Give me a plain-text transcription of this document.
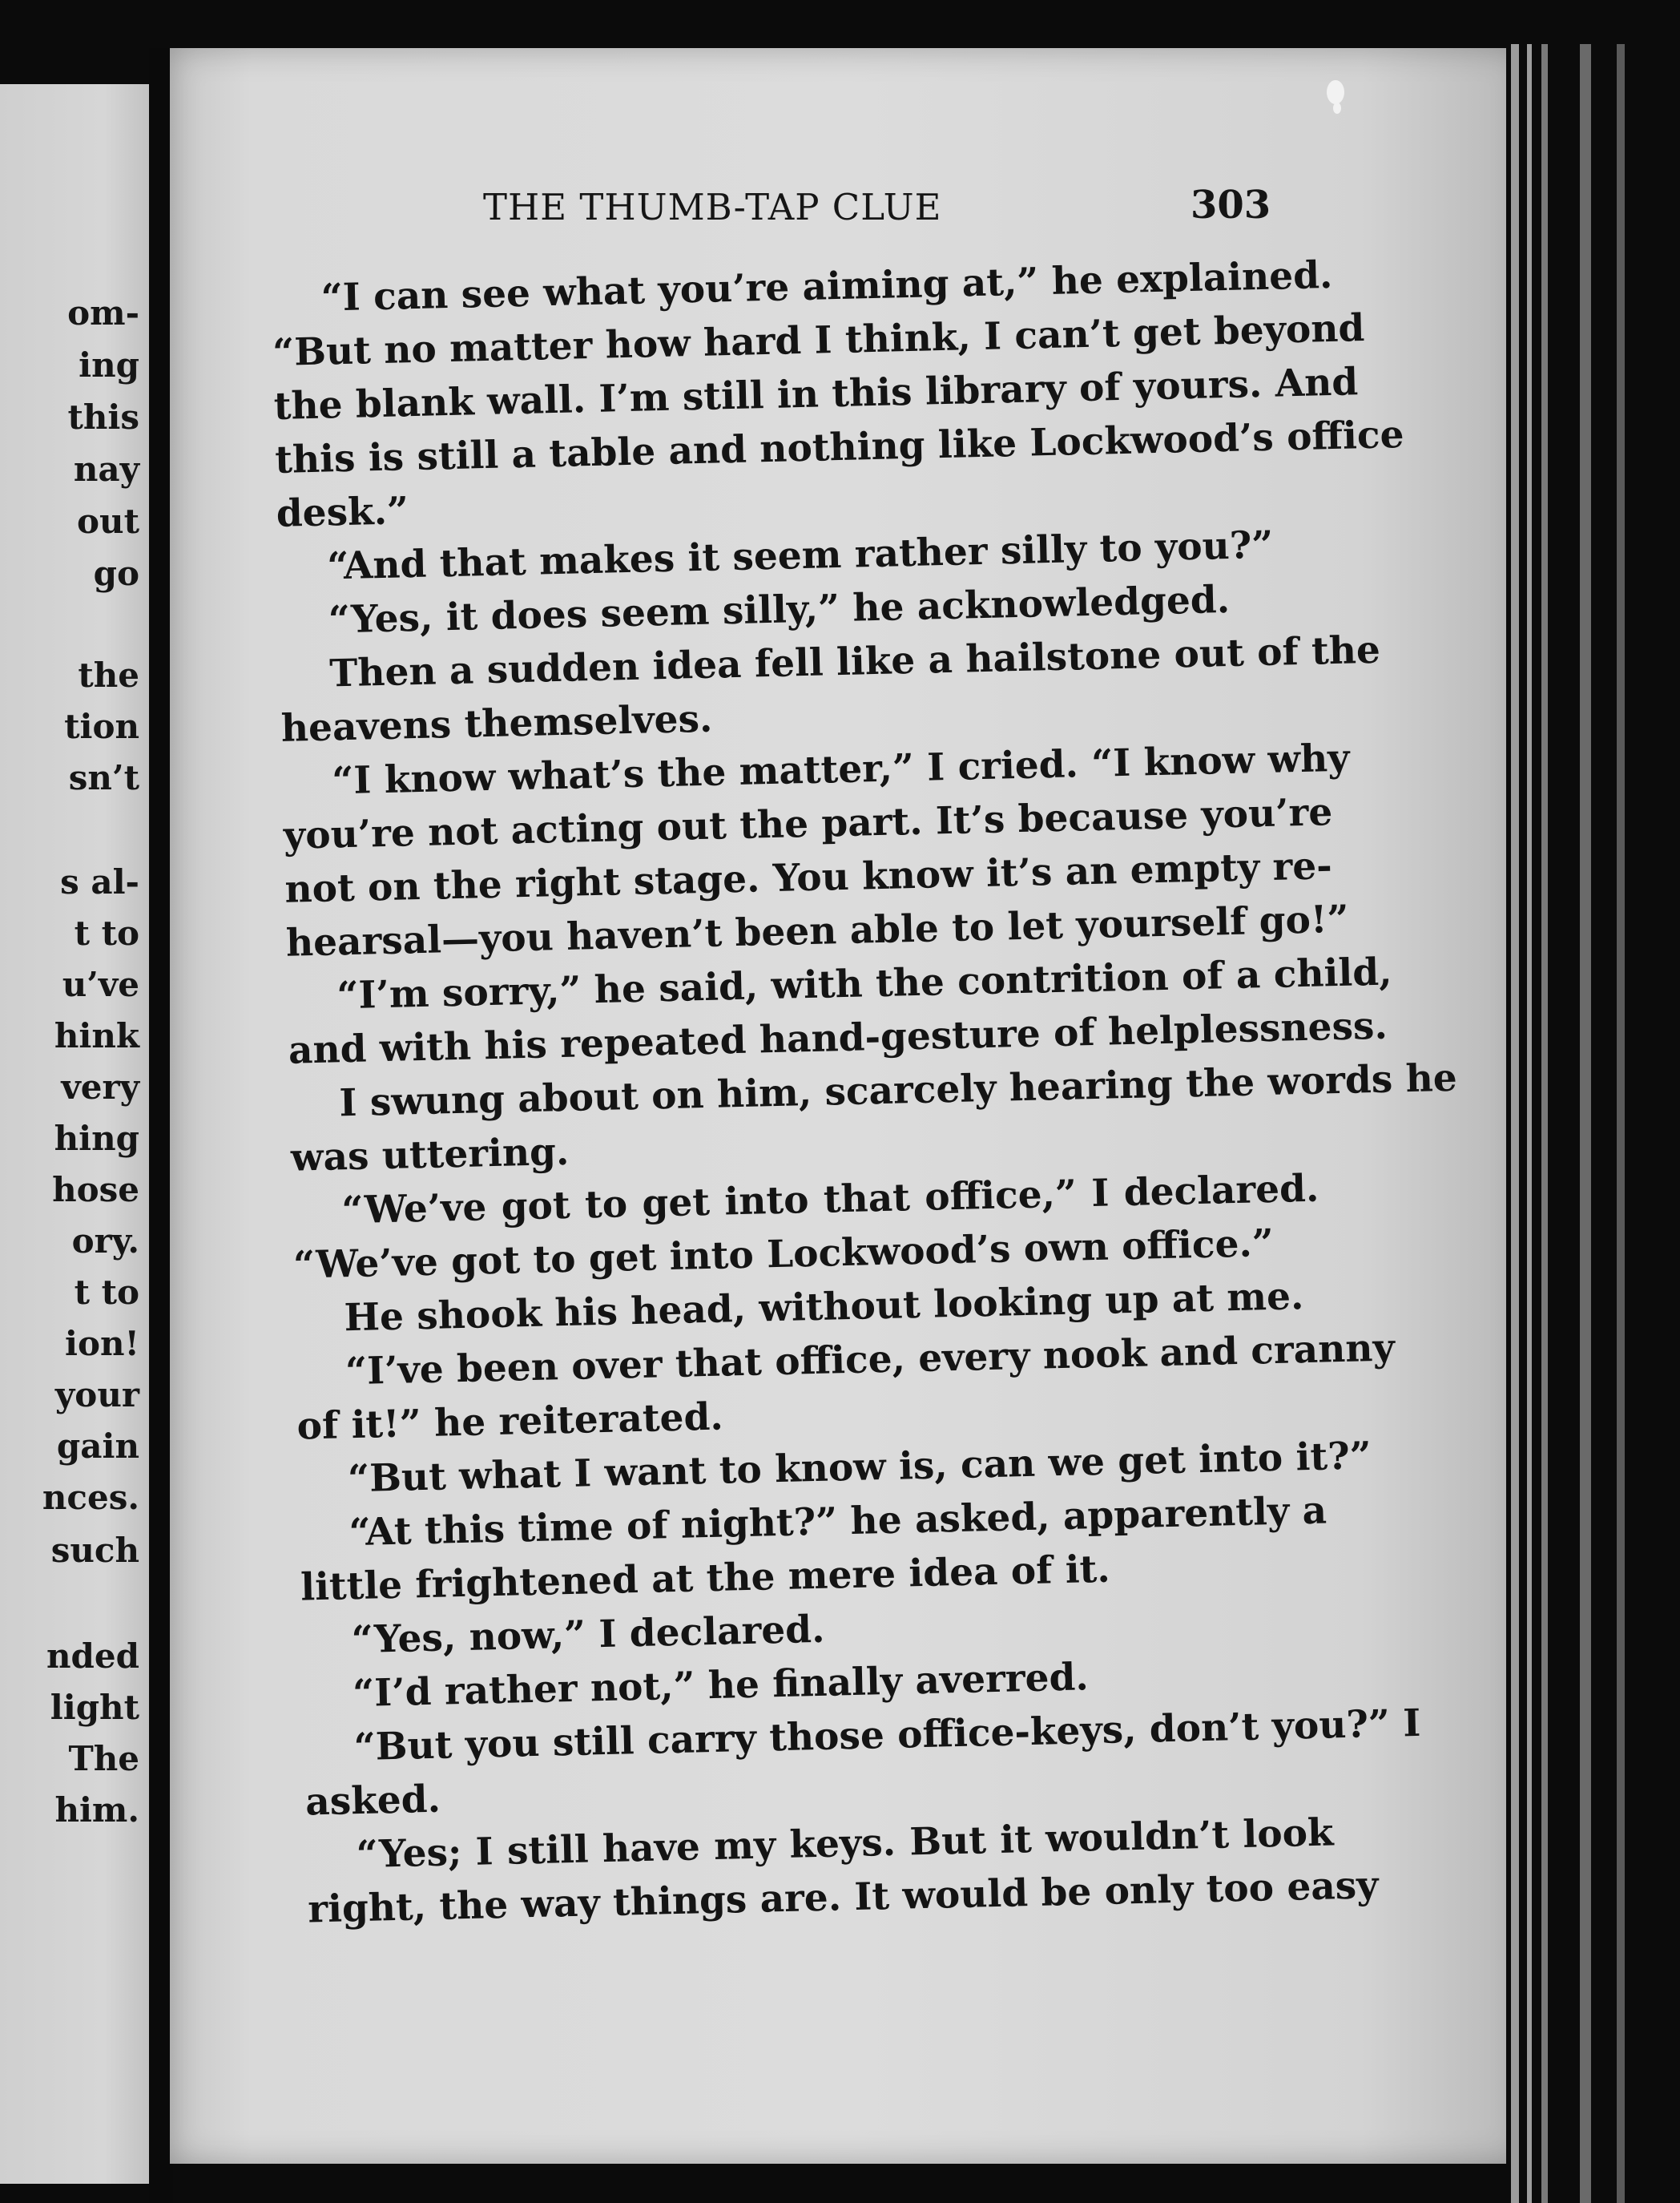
om-
ing
this
nay
out
go
the
tion
sn’t
s al-
t to
u’ve
hink
very
hing
hose
ory.
t to
ion!
your
gain
nces.
such
nded
light
The
him.
THE THUMB-TAP CLUE	303
“I can see what you’re aiming at,” he explained.
“But no matter how hard I think, I can’t get beyond
the blank wall. I’m still in this library of yours. And
this is still a table and nothing like Lockwood’s office
desk.”
“And that makes it seem rather silly to you?”
“Yes, it does seem silly,” he acknowledged.
Then a sudden idea fell like a hailstone out of the
heavens themselves.
“I know what’s the matter,” I cried. “I know why
you’re not acting out the part. It’s because you’re
not on the right stage. You know it’s an empty re-
hearsal—you haven’t been able to let yourself go!”
“I’m sorry,” he said, with the contrition of a child,
and with his repeated hand-gesture of helplessness.
I swung about on him, scarcely hearing the words he
was uttering.
“We’ve got to get into that office,” I declared.
“We’ve got to get into Lockwood’s own office.”
He shook his head, without looking up at me.
“I’ve been over that office, every nook and cranny
of it!” he reiterated.
“But what I want to know is, can we get into it?”
“At this time of night?” he asked, apparently a
little frightened at the mere idea of it.
“Yes, now,” I declared.
“I’d rather not,” he finally averred.
“But you still carry those office-keys, don’t you?” I
asked.
“Yes; I still have my keys. But it wouldn’t look
right, the way things are. It would be only too easy
